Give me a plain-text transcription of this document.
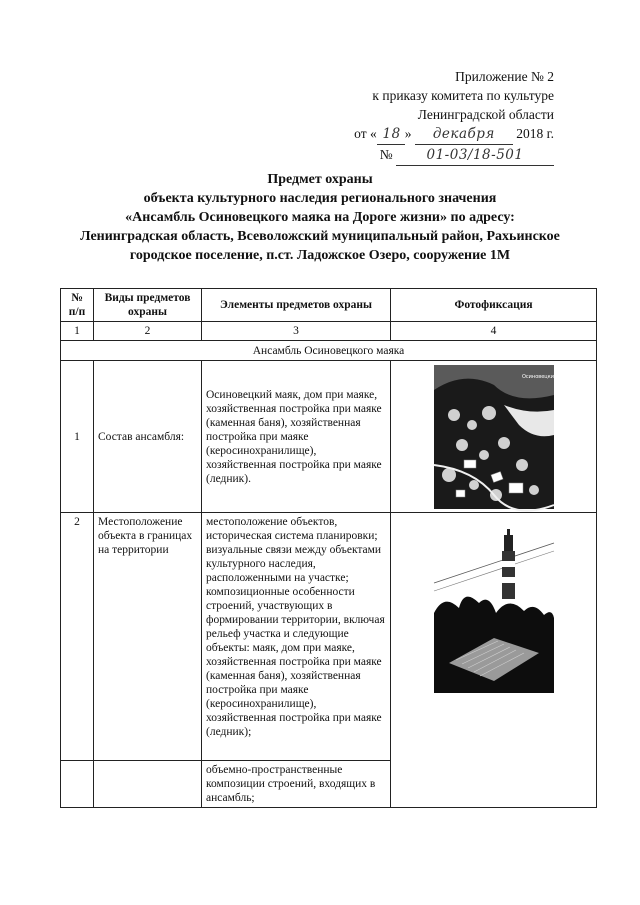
Приложение № 2
к приказу комитета по культуре
Ленинградской области
от « 18 » декабря 2018 г.
№	01-03/18-501
Предмет охраны
объекта культурного наследия регионального значения
«Ансамбль Осиновецкого маяка на Дороге жизни» по адресу:
Ленинградская область, Всеволожский муниципальный район, Рахьинское
городское поселение, п.ст. Ладожское Озеро, сооружение 1М
№ п/п	Виды предметов охраны	Элементы предметов охраны	Фотофиксация
1	2	3	4
Ансамбль Осиновецкого маяка			
1	Состав ансамбля:	Осиновецкий маяк, дом при маяке, хозяйственная постройка при маяке (каменная баня), хозяйственная постройка при маяке (керосинохранилище), хозяйственная постройка при маяке (ледник).	Осиновецкий маяк

2	Местоположение объекта в границах на территории	местоположение объектов, историческая система планировки; визуальные связи между объектами культурного наследия, расположенными на участке; композиционные особенности строений, участвующих в формировании территории, включая рельеф участка и следующие объекты: маяк, дом при маяке, хозяйственная постройка при маяке (каменная баня), хозяйственная постройка при маяке (керосинохранилище), хозяйственная постройка при маяке (ледник);	

		объемно-пространственные композиции строений, входящих в ансамбль;	
